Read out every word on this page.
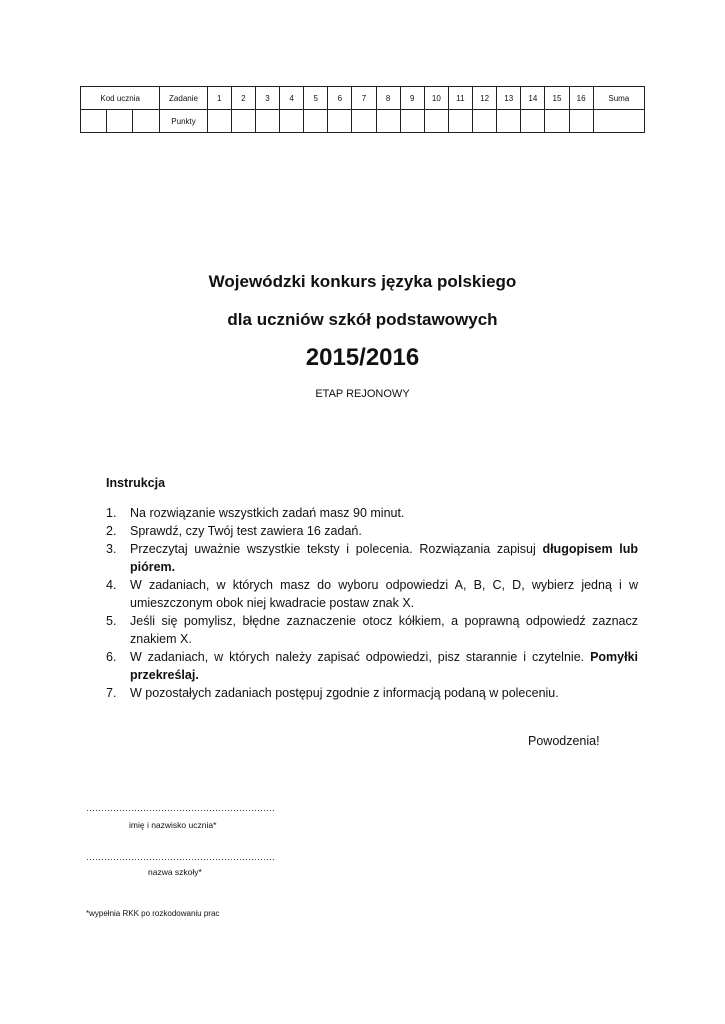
Kod ucznia			Zadanie	1	2	3	4	5	6	7	8	9	10	11	12	13	14	15	16	Suma
			Punkty																	
Wojewódzki konkurs języka polskiego
dla uczniów szkół podstawowych
2015/2016
ETAP REJONOWY
Instrukcja
1.	Na rozwiązanie wszystkich zadań masz 90 minut.
2.	Sprawdź, czy Twój test zawiera 16 zadań.
3.	Przeczytaj uważnie wszystkie teksty i polecenia. Rozwiązania zapisuj długopisem lub piórem.
4.	W zadaniach, w których masz do wyboru odpowiedzi A, B, C, D, wybierz jedną i w umieszczonym obok niej kwadracie postaw znak X.
5.	Jeśli się pomylisz, błędne zaznaczenie otocz kółkiem, a poprawną odpowiedź zaznacz znakiem X.
6.	W zadaniach, w których należy zapisać odpowiedzi, pisz starannie i czytelnie. Pomyłki przekreślaj.
7.	W pozostałych zadaniach postępuj zgodnie z informacją podaną w poleceniu.
Powodzenia!
………………………………………………………
imię i nazwisko ucznia*
………………………………………………………
nazwa szkoły*
*wypełnia RKK po rozkodowaniu prac
